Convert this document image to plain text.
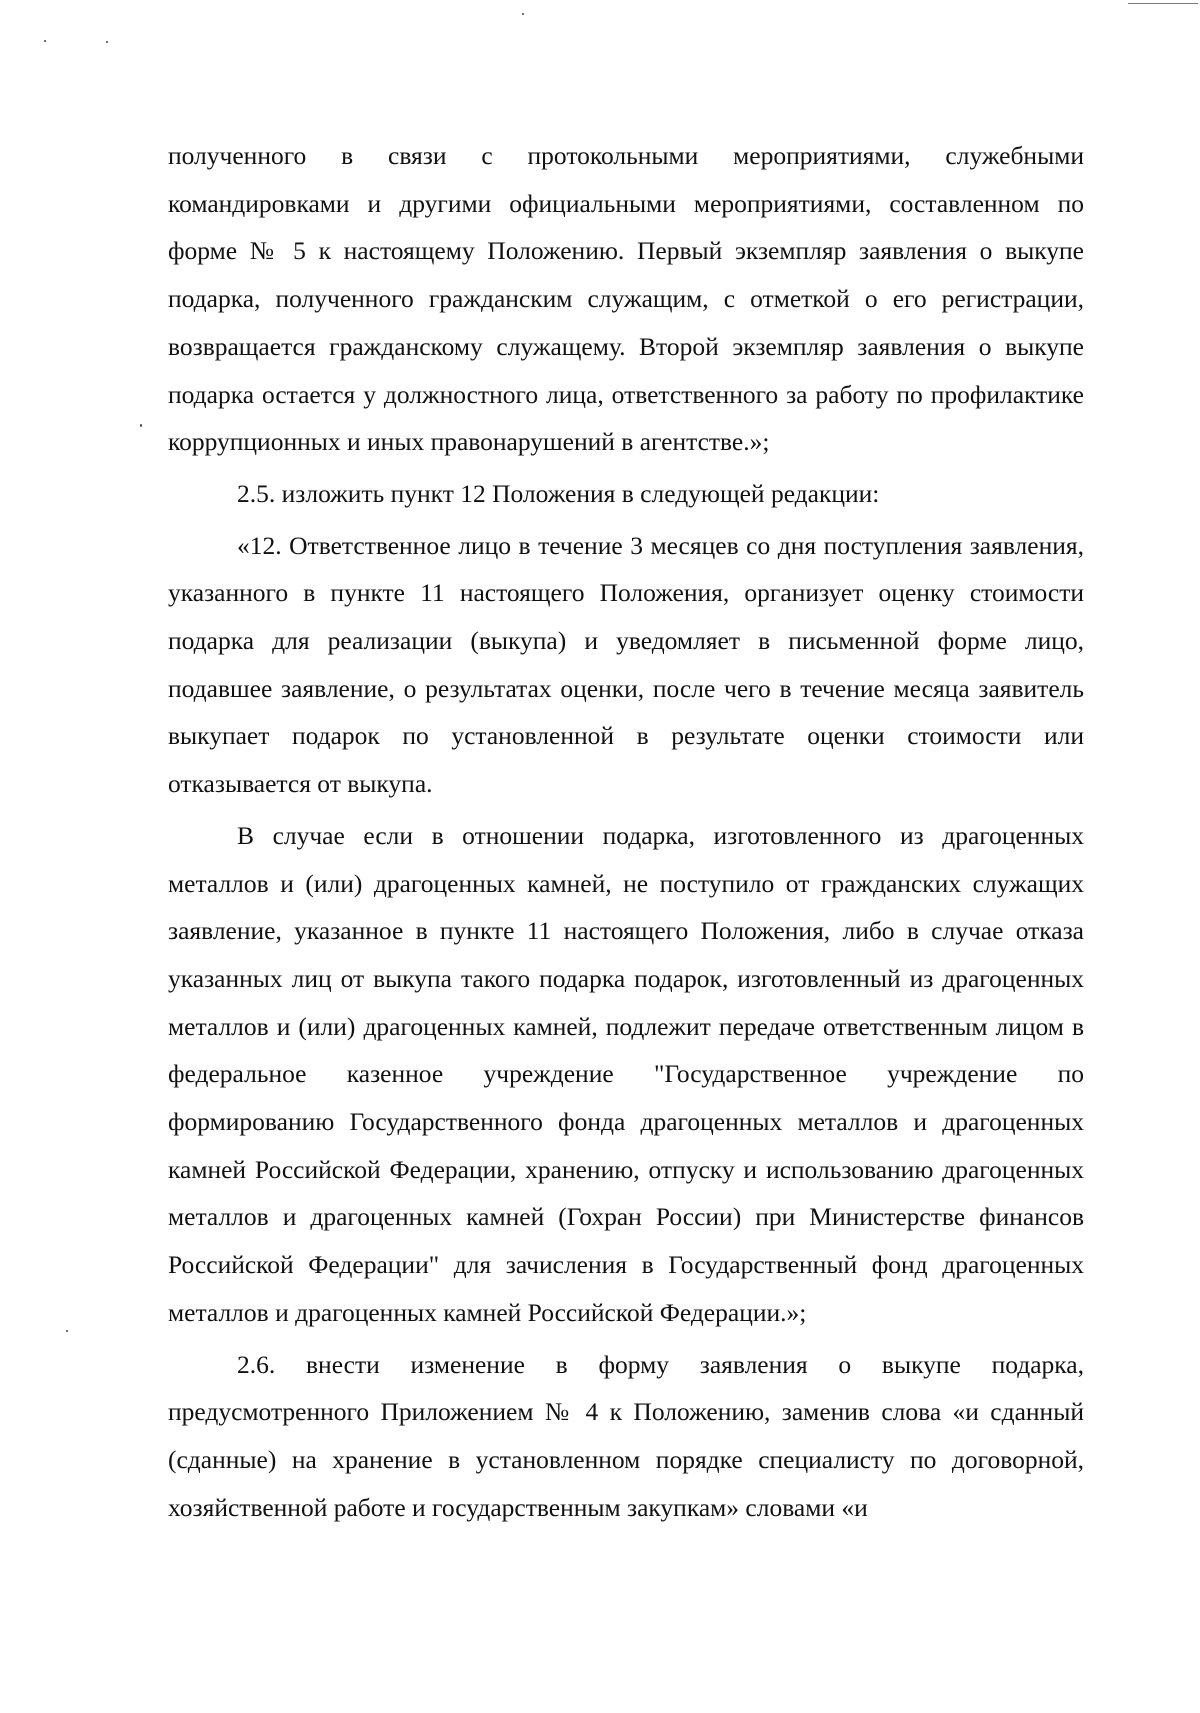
полученного в связи с протокольными мероприятиями, служебными командировками и другими официальными мероприятиями, составленном по форме № 5 к настоящему Положению. Первый экземпляр заявления о выкупе подарка, полученного гражданским служащим, с отметкой о его регистрации, возвращается гражданскому служащему. Второй экземпляр заявления о выкупе подарка остается у должностного лица, ответственного за работу по профилактике коррупционных и иных правонарушений в агентстве.»;

2.5. изложить пункт 12 Положения в следующей редакции:

«12. Ответственное лицо в течение 3 месяцев со дня поступления заявления, указанного в пункте 11 настоящего Положения, организует оценку стоимости подарка для реализации (выкупа) и уведомляет в письменной форме лицо, подавшее заявление, о результатах оценки, после чего в течение месяца заявитель выкупает подарок по установленной в результате оценки стоимости или отказывается от выкупа.

В случае если в отношении подарка, изготовленного из драгоценных металлов и (или) драгоценных камней, не поступило от гражданских служащих заявление, указанное в пункте 11 настоящего Положения, либо в случае отказа указанных лиц от выкупа такого подарка подарок, изготовленный из драгоценных металлов и (или) драгоценных камней, подлежит передаче ответственным лицом в федеральное казенное учреждение "Государственное учреждение по формированию Государственного фонда драгоценных металлов и драгоценных камней Российской Федерации, хранению, отпуску и использованию драгоценных металлов и драгоценных камней (Гохран России) при Министерстве финансов Российской Федерации" для зачисления в Государственный фонд драгоценных металлов и драгоценных камней Российской Федерации.»;

2.6. внести изменение в форму заявления о выкупе подарка, предусмотренного Приложением № 4 к Положению, заменив слова «и сданный (сданные) на хранение в установленном порядке специалисту по договорной, хозяйственной работе и государственным закупкам» словами «и
